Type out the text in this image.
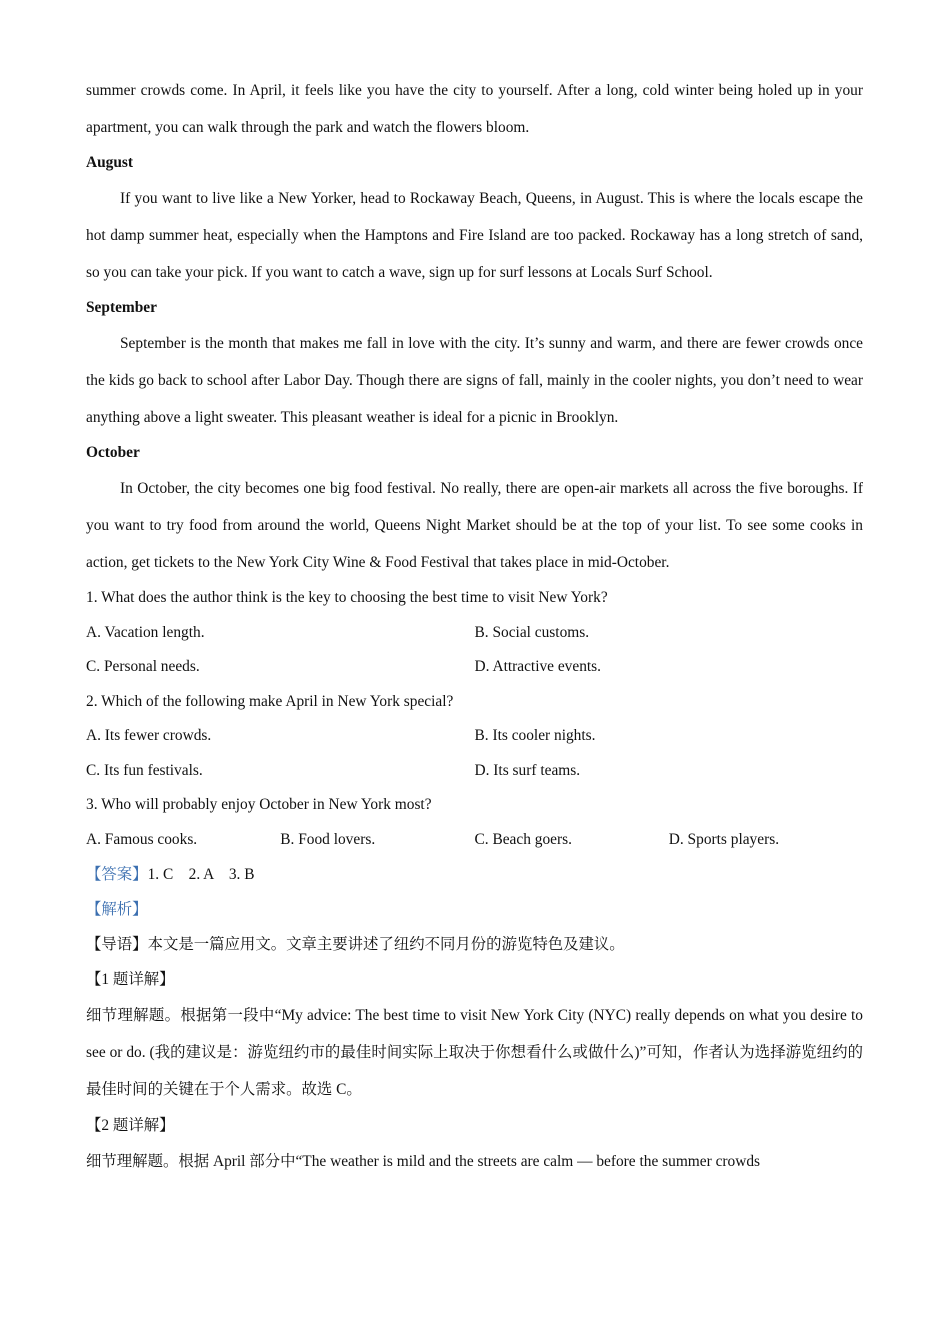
summer crowds come. In April, it feels like you have the city to yourself. After a long, cold winter being holed up in your apartment, you can walk through the park and watch the flowers bloom.

August

If you want to live like a New Yorker, head to Rockaway Beach, Queens, in August. This is where the locals escape the hot damp summer heat, especially when the Hamptons and Fire Island are too packed. Rockaway has a long stretch of sand, so you can take your pick. If you want to catch a wave, sign up for surf lessons at Locals Surf School.

September

September is the month that makes me fall in love with the city. It’s sunny and warm, and there are fewer crowds once the kids go back to school after Labor Day. Though there are signs of fall, mainly in the cooler nights, you don’t need to wear anything above a light sweater. This pleasant weather is ideal for a picnic in Brooklyn.

October

In October, the city becomes one big food festival. No really, there are open-air markets all across the five boroughs. If you want to try food from around the world, Queens Night Market should be at the top of your list. To see some cooks in action, get tickets to the New York City Wine & Food Festival that takes place in mid-October.

1. What does the author think is the key to choosing the best time to visit New York?

A. Vacation length.	B. Social customs.
C. Personal needs.	D. Attractive events.

2. Which of the following make April in New York special?

A. Its fewer crowds.	B. Its cooler nights.
C. Its fun festivals.	D. Its surf teams.

3. Who will probably enjoy October in New York most?

A. Famous cooks.	B. Food lovers.	C. Beach goers.	D. Sports players.

【答案】1. C    2. A    3. B

【解析】

【导语】本文是一篇应用文。文章主要讲述了纽约不同月份的游览特色及建议。

【1 题详解】

细节理解题。根据第一段中“My advice: The best time to visit New York City (NYC) really depends on what you desire to see or do. (我的建议是：游览纽约市的最佳时间实际上取决于你想看什么或做什么)”可知，作者认为选择游览纽约的最佳时间的关键在于个人需求。故选 C。

【2 题详解】

细节理解题。根据 April 部分中“The weather is mild and the streets are calm — before the summer crowds
